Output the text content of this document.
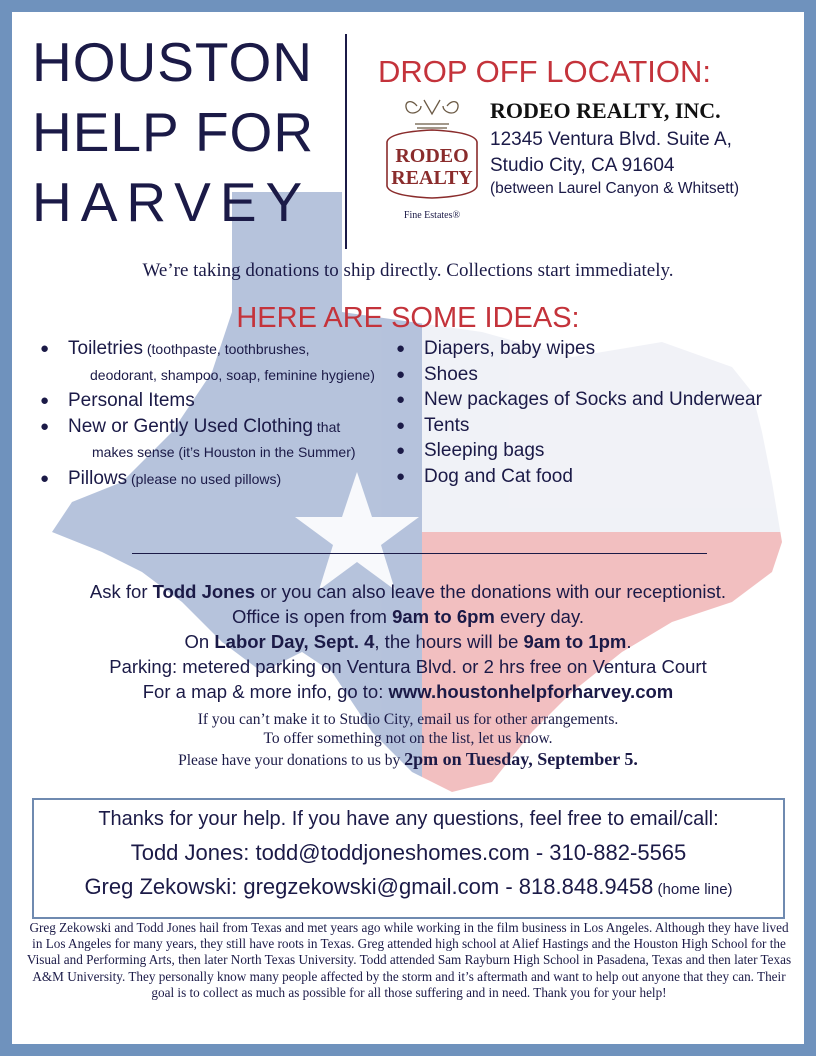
HOUSTON
HELP FOR
HARVEY
DROP OFF LOCATION:
RODEO
REALTY
Fine Estates®
RODEO REALTY, INC.
12345 Ventura Blvd. Suite A,
Studio City, CA 91604
(between Laurel Canyon & Whitsett)
We’re taking donations to ship directly. Collections start immediately.
HERE ARE SOME IDEAS:
● Toiletries (toothpaste, toothbrushes,
deodorant, shampoo, soap, feminine hygiene)
● Personal Items
● New or Gently Used Clothing that
makes sense (it’s Houston in the Summer)
● Pillows (please no used pillows)
● Diapers, baby wipes
● Shoes
● New packages of Socks and Underwear
● Tents
● Sleeping bags
● Dog and Cat food
Ask for Todd Jones or you can also leave the donations with our receptionist.
Office is open from 9am to 6pm every day.
On Labor Day, Sept. 4, the hours will be 9am to 1pm.
Parking: metered parking on Ventura Blvd. or 2 hrs free on Ventura Court
For a map & more info, go to: www.houstonhelpforharvey.com
If you can’t make it to Studio City, email us for other arrangements.
To offer something not on the list, let us know.
Please have your donations to us by 2pm on Tuesday, September 5.
Thanks for your help. If you have any questions, feel free to email/call:
Todd Jones: todd@toddjoneshomes.com - 310-882-5565
Greg Zekowski: gregzekowski@gmail.com - 818.848.9458 (home line)
Greg Zekowski and Todd Jones hail from Texas and met years ago while working in the film business in Los Angeles. Although they have lived in Los Angeles for many years, they still have roots in Texas. Greg attended high school at Alief Hastings and the Houston High School for the Visual and Performing Arts, then later North Texas University. Todd attended Sam Rayburn High School in Pasadena, Texas and then later Texas A&M University. They personally know many people affected by the storm and it’s aftermath and want to help out anyone that they can. Their goal is to collect as much as possible for all those suffering and in need. Thank you for your help!
